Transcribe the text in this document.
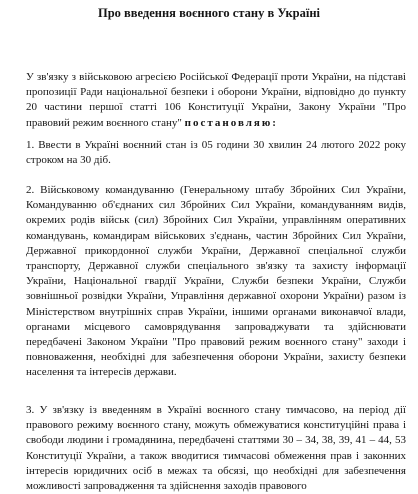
Про введення воєнного стану в Україні
У зв'язку з військовою агресією Російської Федерації проти України, на підставі пропозиції Ради національної безпеки і оборони України, відповідно до пункту 20 частини першої статті 106 Конституції України, Закону України "Про правовий режим воєнного стану" постановляю:
1. Ввести в Україні воєнний стан із 05 години 30 хвилин 24 лютого 2022 року строком на 30 діб.
2. Військовому командуванню (Генеральному штабу Збройних Сил України, Командуванню об'єднаних сил Збройних Сил України, командуванням видів, окремих родів військ (сил) Збройних Сил України, управлінням оперативних командувань, командирам військових з'єднань, частин Збройних Сил України, Державної прикордонної служби України, Державної спеціальної служби транспорту, Державної служби спеціального зв'язку та захисту інформації України, Національної гвардії України, Служби безпеки України, Служби зовнішньої розвідки України, Управління державної охорони України) разом із Міністерством внутрішніх справ України, іншими органами виконавчої влади, органами місцевого самоврядування запроваджувати та здійснювати передбачені Законом України "Про правовий режим воєнного стану" заходи і повноваження, необхідні для забезпечення оборони України, захисту безпеки населення та інтересів держави.
3. У зв'язку із введенням в Україні воєнного стану тимчасово, на період дії правового режиму воєнного стану, можуть обмежуватися конституційні права і свободи людини і громадянина, передбачені статтями 30 – 34, 38, 39, 41 – 44, 53 Конституції України, а також вводитися тимчасові обмеження прав і законних інтересів юридичних осіб в межах та обсязі, що необхідні для забезпечення можливості запровадження та здійснення заходів правового
